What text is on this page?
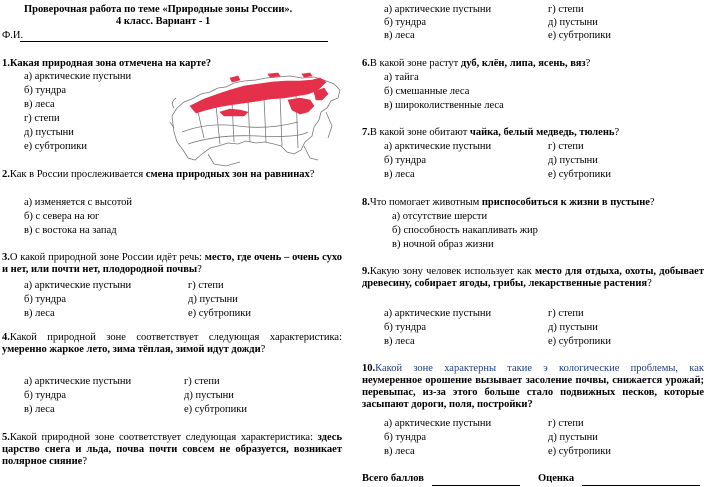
Проверочная работа по теме «Природные зоны России».
4 класс. Вариант - 1
Ф.И.
1.Какая природная зона отмечена на карте?
а) арктические пустыни
б) тундра
в) леса
г) степи
д) пустыни
е) субтропики
2.Как в России прослеживается смена природных зон на равнинах?
а) изменяется с высотой
б) с севера на юг
в) с востока на запад
3.О какой природной зоне России идёт речь: место, где очень – очень сухо и нет, или почти нет, плодородной почвы?
а) арктические пустыни	г) степи
б) тундра	д) пустыни
в) леса	е) субтропики
4.Какой природной зоне соответствует следующая характеристика: умеренно жаркое лето, зима тёплая, зимой идут дожди?
а) арктические пустыни	г) степи
б) тундра	д) пустыни
в) леса	е) субтропики
5.Какой природной зоне соответствует следующая характеристика: здесь царство снега и льда, почва почти совсем не образуется, возникает полярное сияние?
а) арктические пустыни	г) степи
б) тундра	д) пустыни
в) леса	е) субтропики
6.В какой зоне растут дуб, клён, липа, ясень, вяз?
а) тайга
б) смешанные леса
в) широколиственные леса
7.В какой зоне обитают чайка, белый медведь, тюлень?
а) арктические пустыни	г) степи
б) тундра	д) пустыни
в) леса	е) субтропики
8.Что помогает животным приспособиться к жизни в пустыне?
а) отсутствие шерсти
б) способность накапливать жир
в) ночной образ жизни
9.Какую зону человек использует как место для отдыха, охоты, добывает древесину, собирает ягоды, грибы, лекарственные растения?
а) арктические пустыни	г) степи
б) тундра	д) пустыни
в) леса	е) субтропики
10.Какой зоне характерны такие э кологические проблемы, как неумеренное орошение вызывает засоление почвы, снижается урожай; перевыпас, из-за этого больше стало подвижных песков, которые засыпают дороги, поля, постройки?
а) арктические пустыни	г) степи
б) тундра	д) пустыни
в) леса	е) субтропики
Всего баллов	Оценка
